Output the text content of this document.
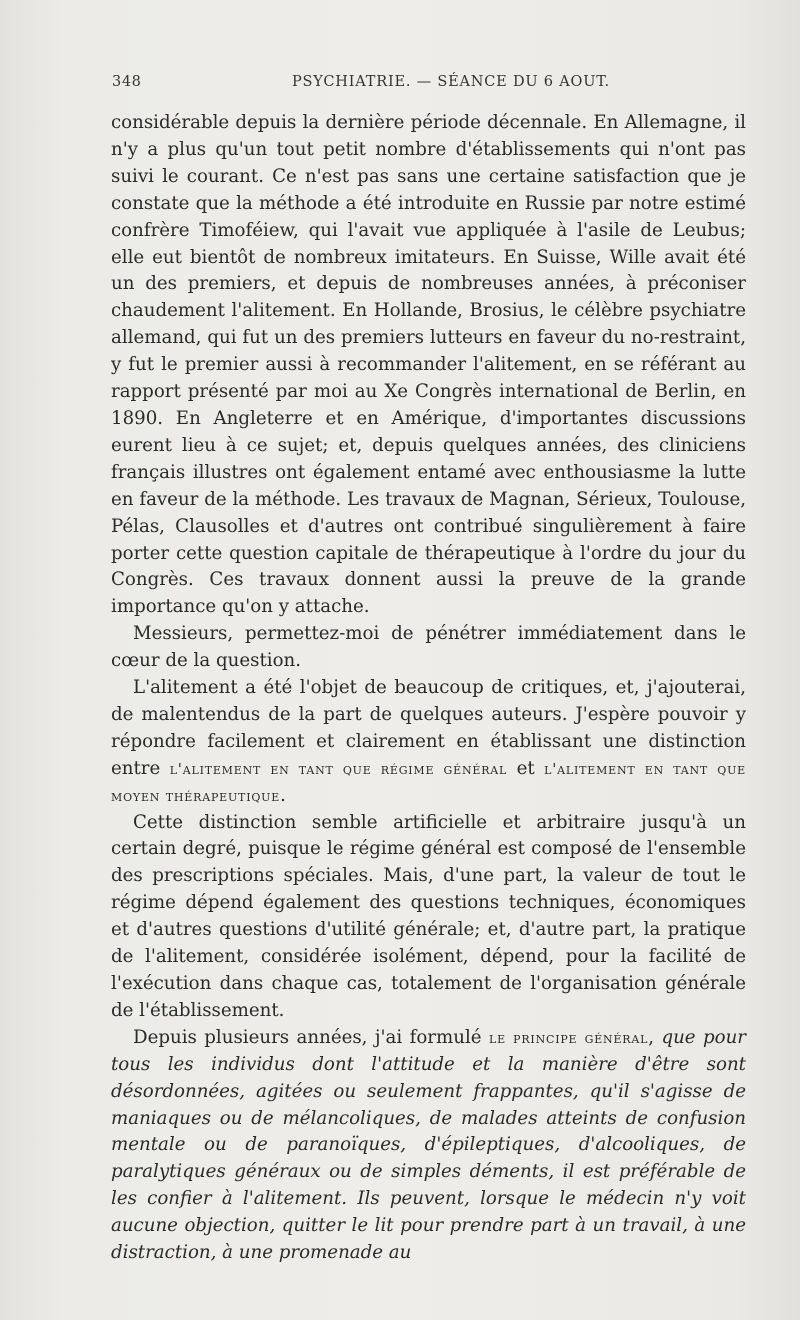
348	PSYCHIATRIE. — SÉANCE DU 6 AOUT.

considérable depuis la dernière période décennale. En Allemagne, il n'y a plus qu'un tout petit nombre d'établissements qui n'ont pas suivi le courant. Ce n'est pas sans une certaine satisfaction que je constate que la méthode a été introduite en Russie par notre estimé confrère Timoféiew, qui l'avait vue appliquée à l'asile de Leubus; elle eut bientôt de nombreux imitateurs. En Suisse, Wille avait été un des premiers, et depuis de nombreuses années, à préconiser chaudement l'alitement. En Hollande, Brosius, le célèbre psychiatre allemand, qui fut un des premiers lutteurs en faveur du no-restraint, y fut le premier aussi à recommander l'alitement, en se référant au rapport présenté par moi au Xe Congrès international de Berlin, en 1890. En Angleterre et en Amérique, d'importantes discussions eurent lieu à ce sujet; et, depuis quelques années, des cliniciens français illustres ont également entamé avec enthousiasme la lutte en faveur de la méthode. Les travaux de Magnan, Sérieux, Toulouse, Pélas, Clausolles et d'autres ont contribué singulièrement à faire porter cette question capitale de thérapeutique à l'ordre du jour du Congrès. Ces travaux donnent aussi la preuve de la grande importance qu'on y attache.

Messieurs, permettez-moi de pénétrer immédiatement dans le cœur de la question.

L'alitement a été l'objet de beaucoup de critiques, et, j'ajouterai, de malentendus de la part de quelques auteurs. J'espère pouvoir y répondre facilement et clairement en établissant une distinction entre l'alitement en tant que régime général et l'alitement en tant que moyen thérapeutique.

Cette distinction semble artificielle et arbitraire jusqu'à un certain degré, puisque le régime général est composé de l'ensemble des prescriptions spéciales. Mais, d'une part, la valeur de tout le régime dépend également des questions techniques, économiques et d'autres questions d'utilité générale; et, d'autre part, la pratique de l'alitement, considérée isolément, dépend, pour la facilité de l'exécution dans chaque cas, totalement de l'organisation générale de l'établissement.

Depuis plusieurs années, j'ai formulé le principe général, que pour tous les individus dont l'attitude et la manière d'être sont désordonnées, agitées ou seulement frappantes, qu'il s'agisse de maniaques ou de mélancoliques, de malades atteints de confusion mentale ou de paranoïques, d'épileptiques, d'alcooliques, de paralytiques généraux ou de simples déments, il est préférable de les confier à l'alitement. Ils peuvent, lorsque le médecin n'y voit aucune objection, quitter le lit pour prendre part à un travail, à une distraction, à une promenade au
